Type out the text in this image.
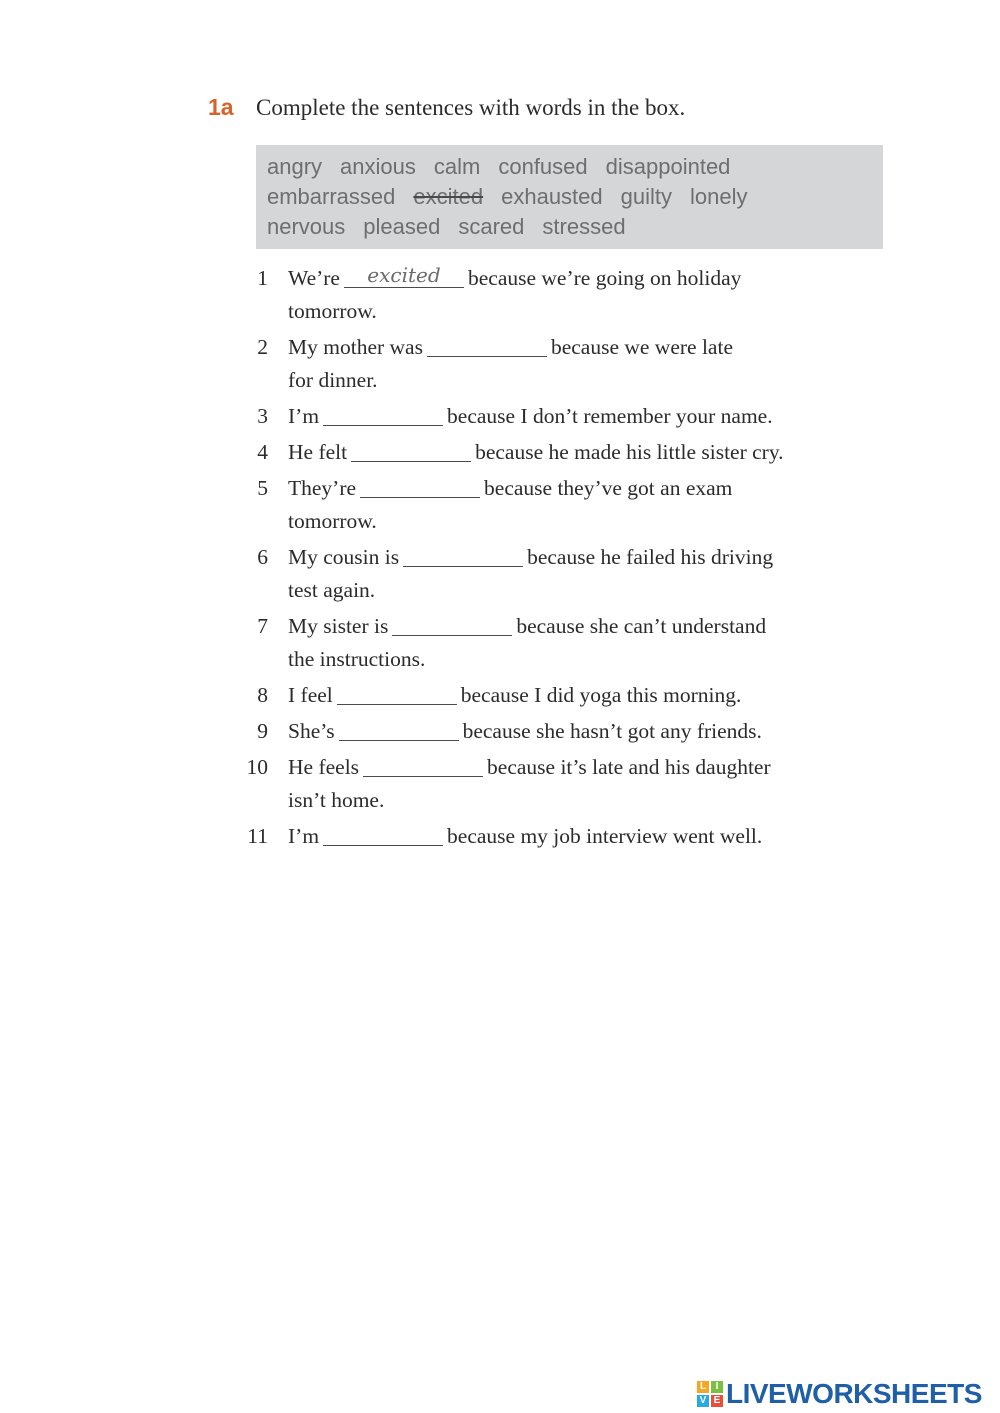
1a Complete the sentences with words in the box.
angry anxious calm confused disappointed
embarrassed excited exhausted guilty lonely
nervous pleased scared stressed
1 We’re	excited	because we’re going on holiday
tomorrow.
2 My mother was	because we were late
for dinner.
3 I’m	because I don’t remember your name.
4 He felt	because he made his little sister cry.
5 They’re	because they’ve got an exam
tomorrow.
6 My cousin is	because he failed his driving
test again.
7 My sister is	because she can’t understand
the instructions.
8 I feel	because I did yoga this morning.
9 She’s	because she hasn’t got any friends.
10 He feels	because it’s late and his daughter
isn’t home.
11 I’m	because my job interview went well.
L I
V E LIVEWORKSHEETS
